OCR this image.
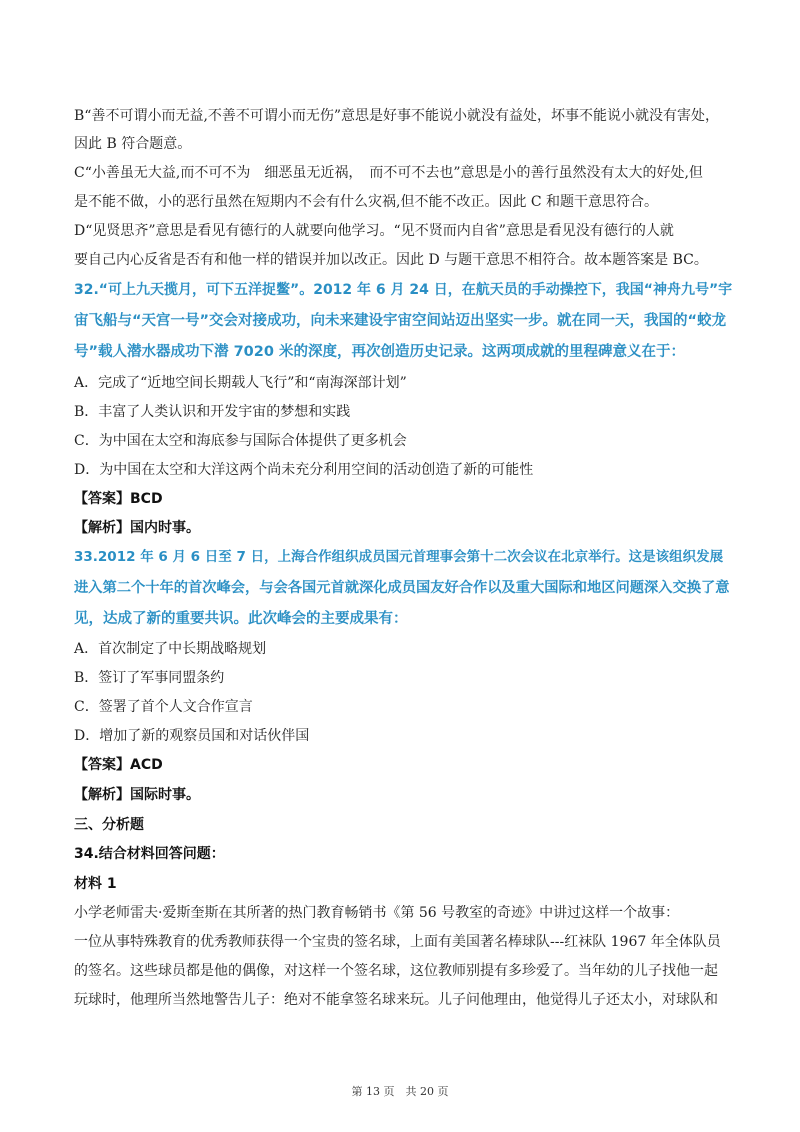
B“善不可谓小而无益,不善不可谓小而无伤”意思是好事不能说小就没有益处，坏事不能说小就没有害处，

因此 B 符合题意。

C“小善虽无大益,而不可不为　细恶虽无近祸，　而不可不去也”意思是小的善行虽然没有太大的好处,但

是不能不做，小的恶行虽然在短期内不会有什么灾祸,但不能不改正。因此 C 和题干意思符合。

D“见贤思齐”意思是看见有德行的人就要向他学习。“见不贤而内自省”意思是看见没有德行的人就

要自己内心反省是否有和他一样的错误并加以改正。因此 D 与题干意思不相符合。故本题答案是 BC。

32.“可上九天揽月，可下五洋捉鳖”。2012 年 6 月 24 日，在航天员的手动操控下，我国“神舟九号”宇

宙飞船与“天宫一号”交会对接成功，向未来建设宇宙空间站迈出坚实一步。就在同一天，我国的“蛟龙

号”载人潜水器成功下潜 7020 米的深度，再次创造历史记录。这两项成就的里程碑意义在于：

A．完成了“近地空间长期载人飞行”和“南海深部计划”

B．丰富了人类认识和开发宇宙的梦想和实践

C．为中国在太空和海底参与国际合体提供了更多机会

D．为中国在太空和大洋这两个尚未充分利用空间的活动创造了新的可能性

【答案】BCD

【解析】国内时事。

33.2012 年 6 月 6 日至 7 日，上海合作组织成员国元首理事会第十二次会议在北京举行。这是该组织发展

进入第二个十年的首次峰会，与会各国元首就深化成员国友好合作以及重大国际和地区问题深入交换了意

见，达成了新的重要共识。此次峰会的主要成果有：

A．首次制定了中长期战略规划

B．签订了军事同盟条约

C．签署了首个人文合作宣言

D．增加了新的观察员国和对话伙伴国

【答案】ACD

【解析】国际时事。

三、分析题

34.结合材料回答问题：

材料 1

小学老师雷夫·爱斯奎斯在其所著的热门教育畅销书《第 56 号教室的奇迹》中讲过这样一个故事：

一位从事特殊教育的优秀教师获得一个宝贵的签名球，上面有美国著名棒球队---红袜队 1967 年全体队员

的签名。这些球员都是他的偶像，对这样一个签名球，这位教师别提有多珍爱了。当年幼的儿子找他一起

玩球时，他理所当然地警告儿子：绝对不能拿签名球来玩。儿子问他理由，他觉得儿子还太小，对球队和

第 13 页　共 20 页
